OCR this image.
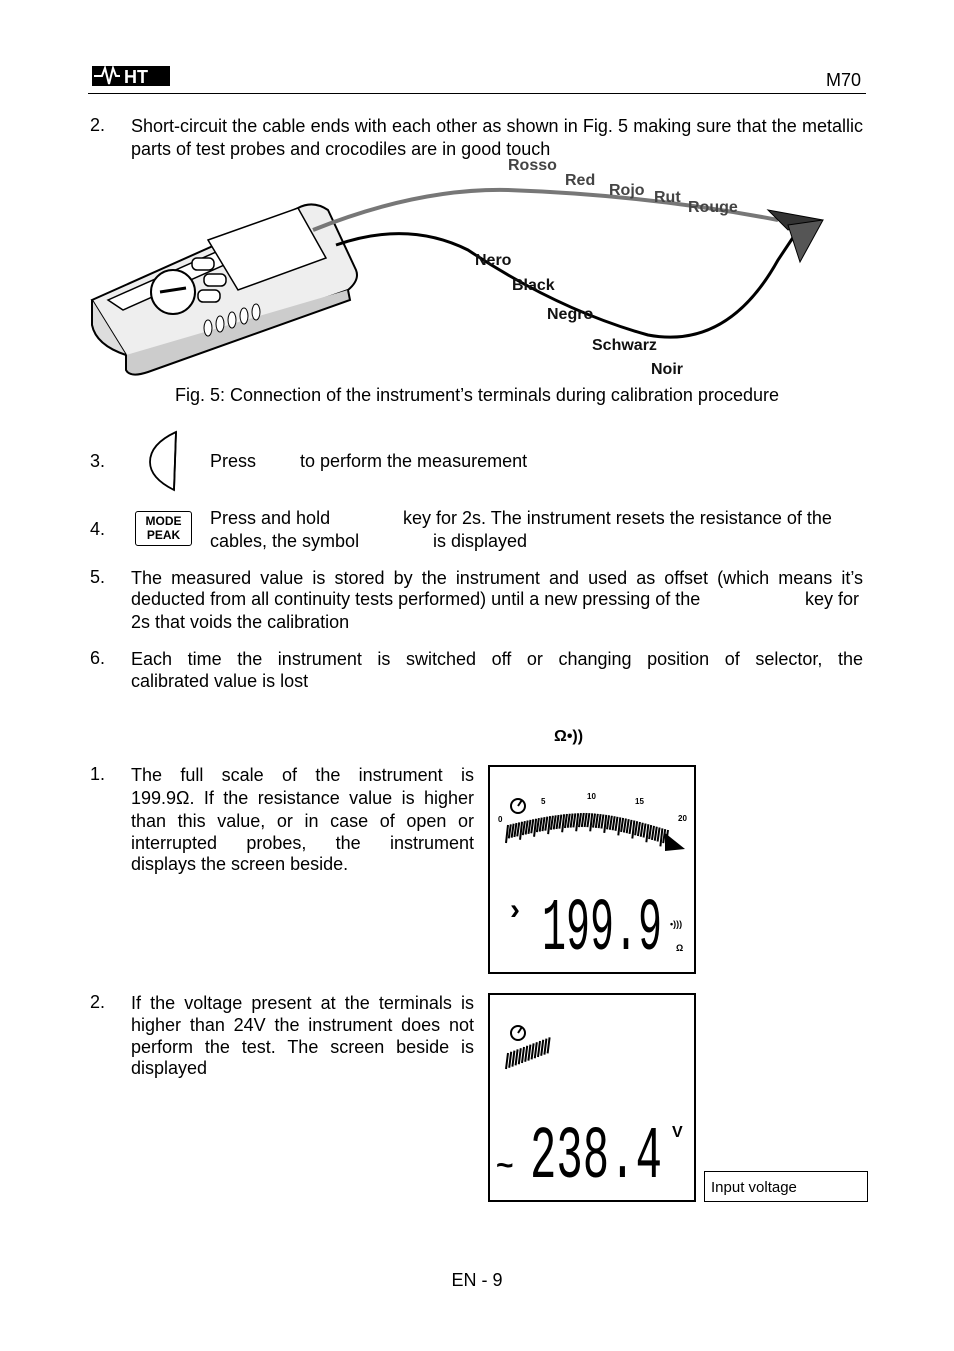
HT	M70
2. Short-circuit the cable ends with each other as shown in Fig. 5 making sure that the metallic parts of test probes and crocodiles are in good touch
Rosso
Red
Rojo Rut
Rouge
Nero
Black
Negro
Schwarz
Noir
Fig. 5: Connection of the instrument’s terminals during calibration procedure
3.	Press to perform the measurement
4.	MODE
PEAK
Press and hold	key for 2s. The instrument resets the resistance of the
cables, the symbol	is displayed
5. The measured value is stored by the instrument and used as offset (which means it’s
deducted from all continuity tests performed) until a new pressing of the	key for
2s that voids the calibration
6. Each time the instrument is switched off or changing position of selector, the
calibrated value is lost
Ω•))
1. The full scale of the instrument is
199.9Ω. If the resistance value is higher
than this value, or in case of open or
interrupted probes, the instrument
displays the screen beside.
0
5
10
15
20
› 199.9 •)))
Ω
2. If the voltage present at the terminals is
higher than 24V the instrument does not
perform the test. The screen beside is
displayed
~ 238.4 V
Input voltage
EN - 9
